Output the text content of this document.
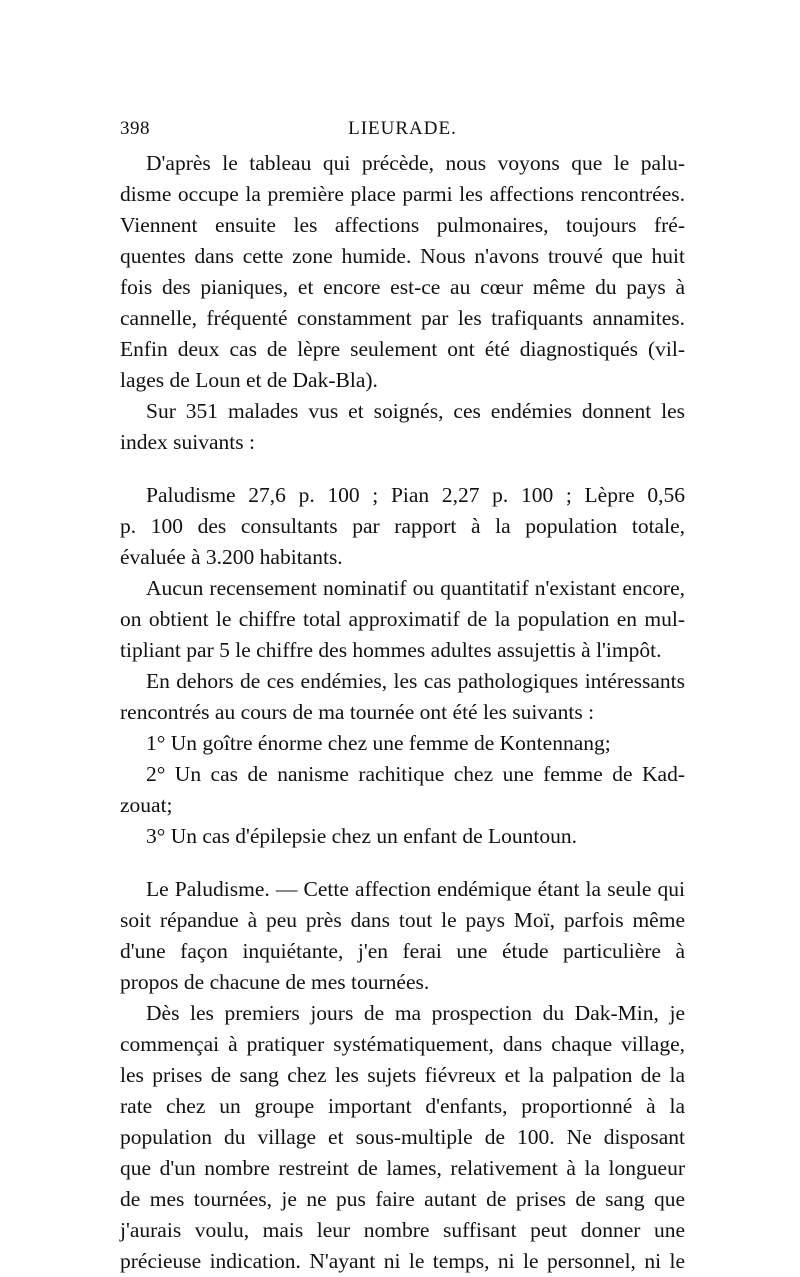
398	LIEURADE.
D'après le tableau qui précède, nous voyons que le palu-
disme occupe la première place parmi les affections rencontrées.
Viennent ensuite les affections pulmonaires, toujours fré-
quentes dans cette zone humide. Nous n'avons trouvé que huit
fois des pianiques, et encore est-ce au cœur même du pays à
cannelle, fréquenté constamment par les trafiquants annamites.
Enfin deux cas de lèpre seulement ont été diagnostiqués (vil-
lages de Loun et de Dak-Bla).
Sur 351 malades vus et soignés, ces endémies donnent les
index suivants :
Paludisme 27,6 p. 100 ; Pian 2,27 p. 100 ; Lèpre 0,56
p. 100 des consultants par rapport à la population totale,
évaluée à 3.200 habitants.
Aucun recensement nominatif ou quantitatif n'existant encore,
on obtient le chiffre total approximatif de la population en mul-
tipliant par 5 le chiffre des hommes adultes assujettis à l'impôt.
En dehors de ces endémies, les cas pathologiques intéressants
rencontrés au cours de ma tournée ont été les suivants :
1° Un goître énorme chez une femme de Kontennang;
2° Un cas de nanisme rachitique chez une femme de Kad-
zouat;
3° Un cas d'épilepsie chez un enfant de Lountoun.
Le Paludisme. — Cette affection endémique étant la seule qui
soit répandue à peu près dans tout le pays Moï, parfois même
d'une façon inquiétante, j'en ferai une étude particulière à
propos de chacune de mes tournées.
Dès les premiers jours de ma prospection du Dak-Min, je
commençai à pratiquer systématiquement, dans chaque village,
les prises de sang chez les sujets fiévreux et la palpation de la
rate chez un groupe important d'enfants, proportionné à la
population du village et sous-multiple de 100. Ne disposant
que d'un nombre restreint de lames, relativement à la longueur
de mes tournées, je ne pus faire autant de prises de sang que
j'aurais voulu, mais leur nombre suffisant peut donner une
précieuse indication. N'ayant ni le temps, ni le personnel, ni le
